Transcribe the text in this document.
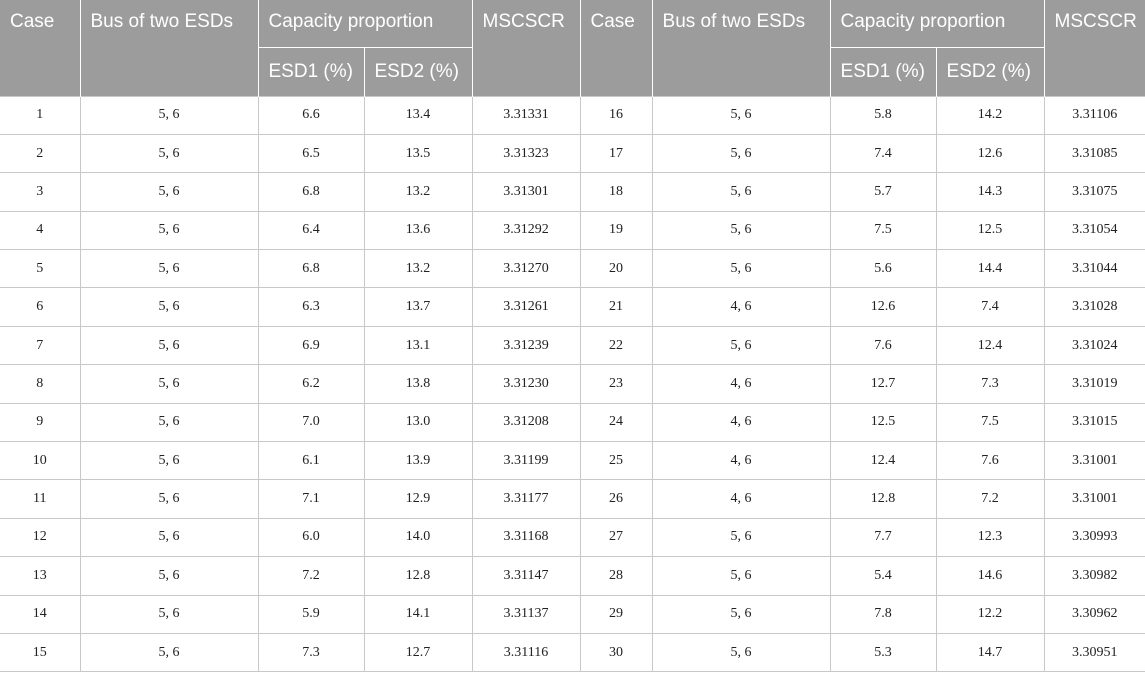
Case	Bus of two ESDs	Capacity proportion		MSCSCR	Case	Bus of two ESDs	Capacity proportion		MSCSCR
		ESD1 (%)	ESD2 (%)				ESD1 (%)	ESD2 (%)	
1	5, 6	6.6	13.4	3.31331	16	5, 6	5.8	14.2	3.31106
2	5, 6	6.5	13.5	3.31323	17	5, 6	7.4	12.6	3.31085
3	5, 6	6.8	13.2	3.31301	18	5, 6	5.7	14.3	3.31075
4	5, 6	6.4	13.6	3.31292	19	5, 6	7.5	12.5	3.31054
5	5, 6	6.8	13.2	3.31270	20	5, 6	5.6	14.4	3.31044
6	5, 6	6.3	13.7	3.31261	21	4, 6	12.6	7.4	3.31028
7	5, 6	6.9	13.1	3.31239	22	5, 6	7.6	12.4	3.31024
8	5, 6	6.2	13.8	3.31230	23	4, 6	12.7	7.3	3.31019
9	5, 6	7.0	13.0	3.31208	24	4, 6	12.5	7.5	3.31015
10	5, 6	6.1	13.9	3.31199	25	4, 6	12.4	7.6	3.31001
11	5, 6	7.1	12.9	3.31177	26	4, 6	12.8	7.2	3.31001
12	5, 6	6.0	14.0	3.31168	27	5, 6	7.7	12.3	3.30993
13	5, 6	7.2	12.8	3.31147	28	5, 6	5.4	14.6	3.30982
14	5, 6	5.9	14.1	3.31137	29	5, 6	7.8	12.2	3.30962
15	5, 6	7.3	12.7	3.31116	30	5, 6	5.3	14.7	3.30951
